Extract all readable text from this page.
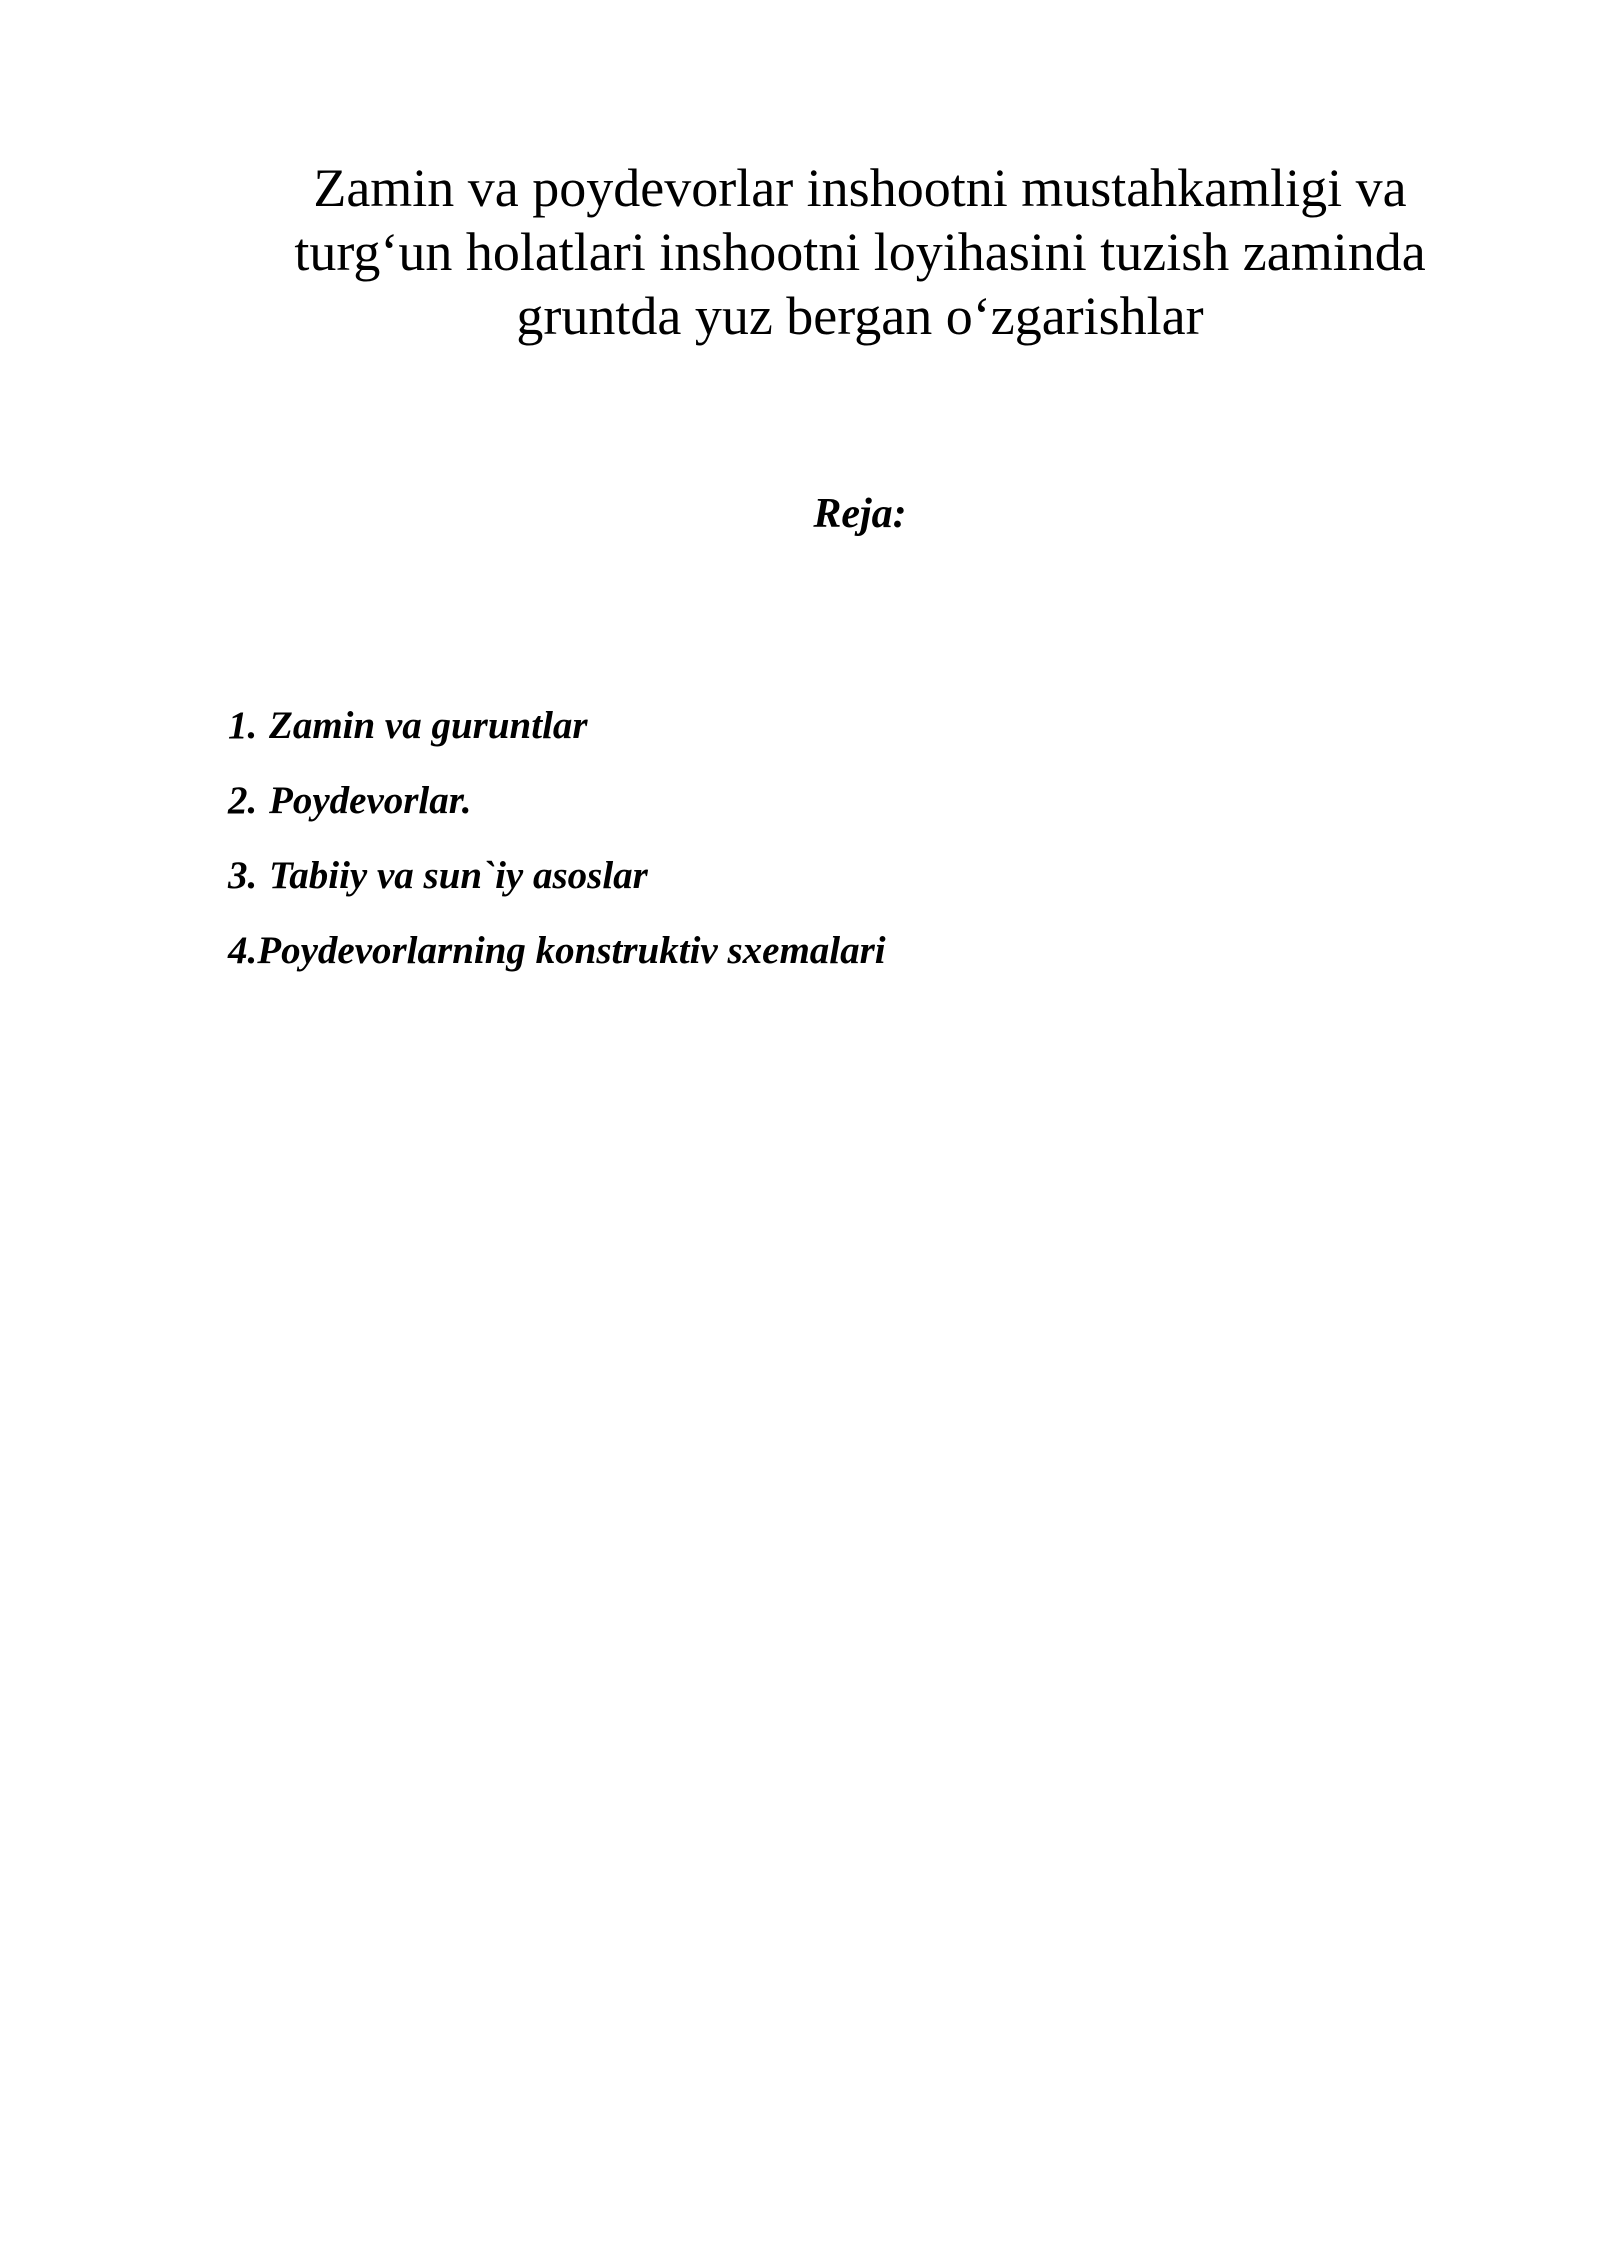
Zamin va poydevorlar inshootni mustahkamligi va
turg‘un holatlari inshootni loyihasini tuzish zaminda
gruntda yuz bergan o‘zgarishlar
Reja:
1. Zamin va guruntlar
2. Poydevorlar.
3. Tabiiy va sun`iy asoslar
4.Poydevorlarning konstruktiv sxemalari
